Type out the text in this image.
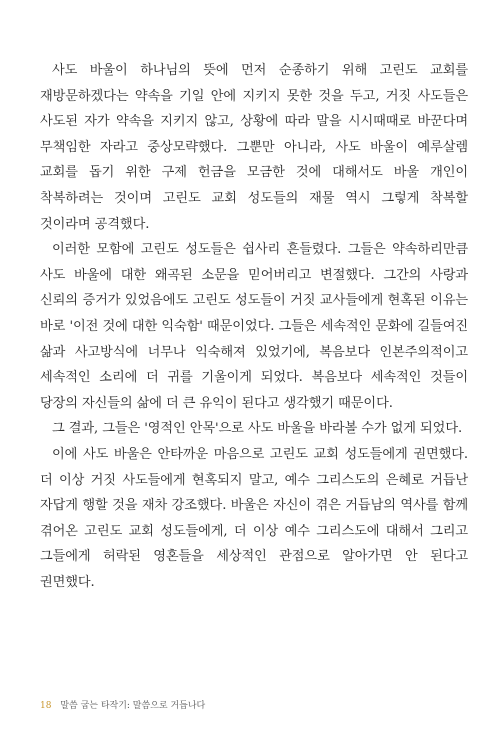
사도 바울이 하나님의 뜻에 먼저 순종하기 위해 고린도 교회를 재방문하겠다는 약속을 기일 안에 지키지 못한 것을 두고, 거짓 사도들은 사도된 자가 약속을 지키지 않고, 상황에 따라 말을 시시때때로 바꾼다며 무책임한 자라고 중상모략했다. 그뿐만 아니라, 사도 바울이 예루살렘 교회를 돕기 위한 구제 헌금을 모금한 것에 대해서도 바울 개인이 착복하려는 것이며 고린도 교회 성도들의 재물 역시 그렇게 착복할 것이라며 공격했다.

이러한 모함에 고린도 성도들은 쉽사리 흔들렸다. 그들은 약속하리만큼 사도 바울에 대한 왜곡된 소문을 믿어버리고 변절했다. 그간의 사랑과 신뢰의 증거가 있었음에도 고린도 성도들이 거짓 교사들에게 현혹된 이유는 바로 '이전 것에 대한 익숙함' 때문이었다. 그들은 세속적인 문화에 길들여진 삶과 사고방식에 너무나 익숙해져 있었기에, 복음보다 인본주의적이고 세속적인 소리에 더 귀를 기울이게 되었다. 복음보다 세속적인 것들이 당장의 자신들의 삶에 더 큰 유익이 된다고 생각했기 때문이다.

그 결과, 그들은 '영적인 안목'으로 사도 바울을 바라볼 수가 없게 되었다.

이에 사도 바울은 안타까운 마음으로 고린도 교회 성도들에게 권면했다. 더 이상 거짓 사도들에게 현혹되지 말고, 예수 그리스도의 은혜로 거듭난 자답게 행할 것을 재차 강조했다. 바울은 자신이 겪은 거듭남의 역사를 함께 겪어온 고린도 교회 성도들에게, 더 이상 예수 그리스도에 대해서 그리고 그들에게 허락된 영혼들을 세상적인 관점으로 알아가면 안 된다고 권면했다.

18 말씀 굽는 타작기: 말씀으로 거듭나다
